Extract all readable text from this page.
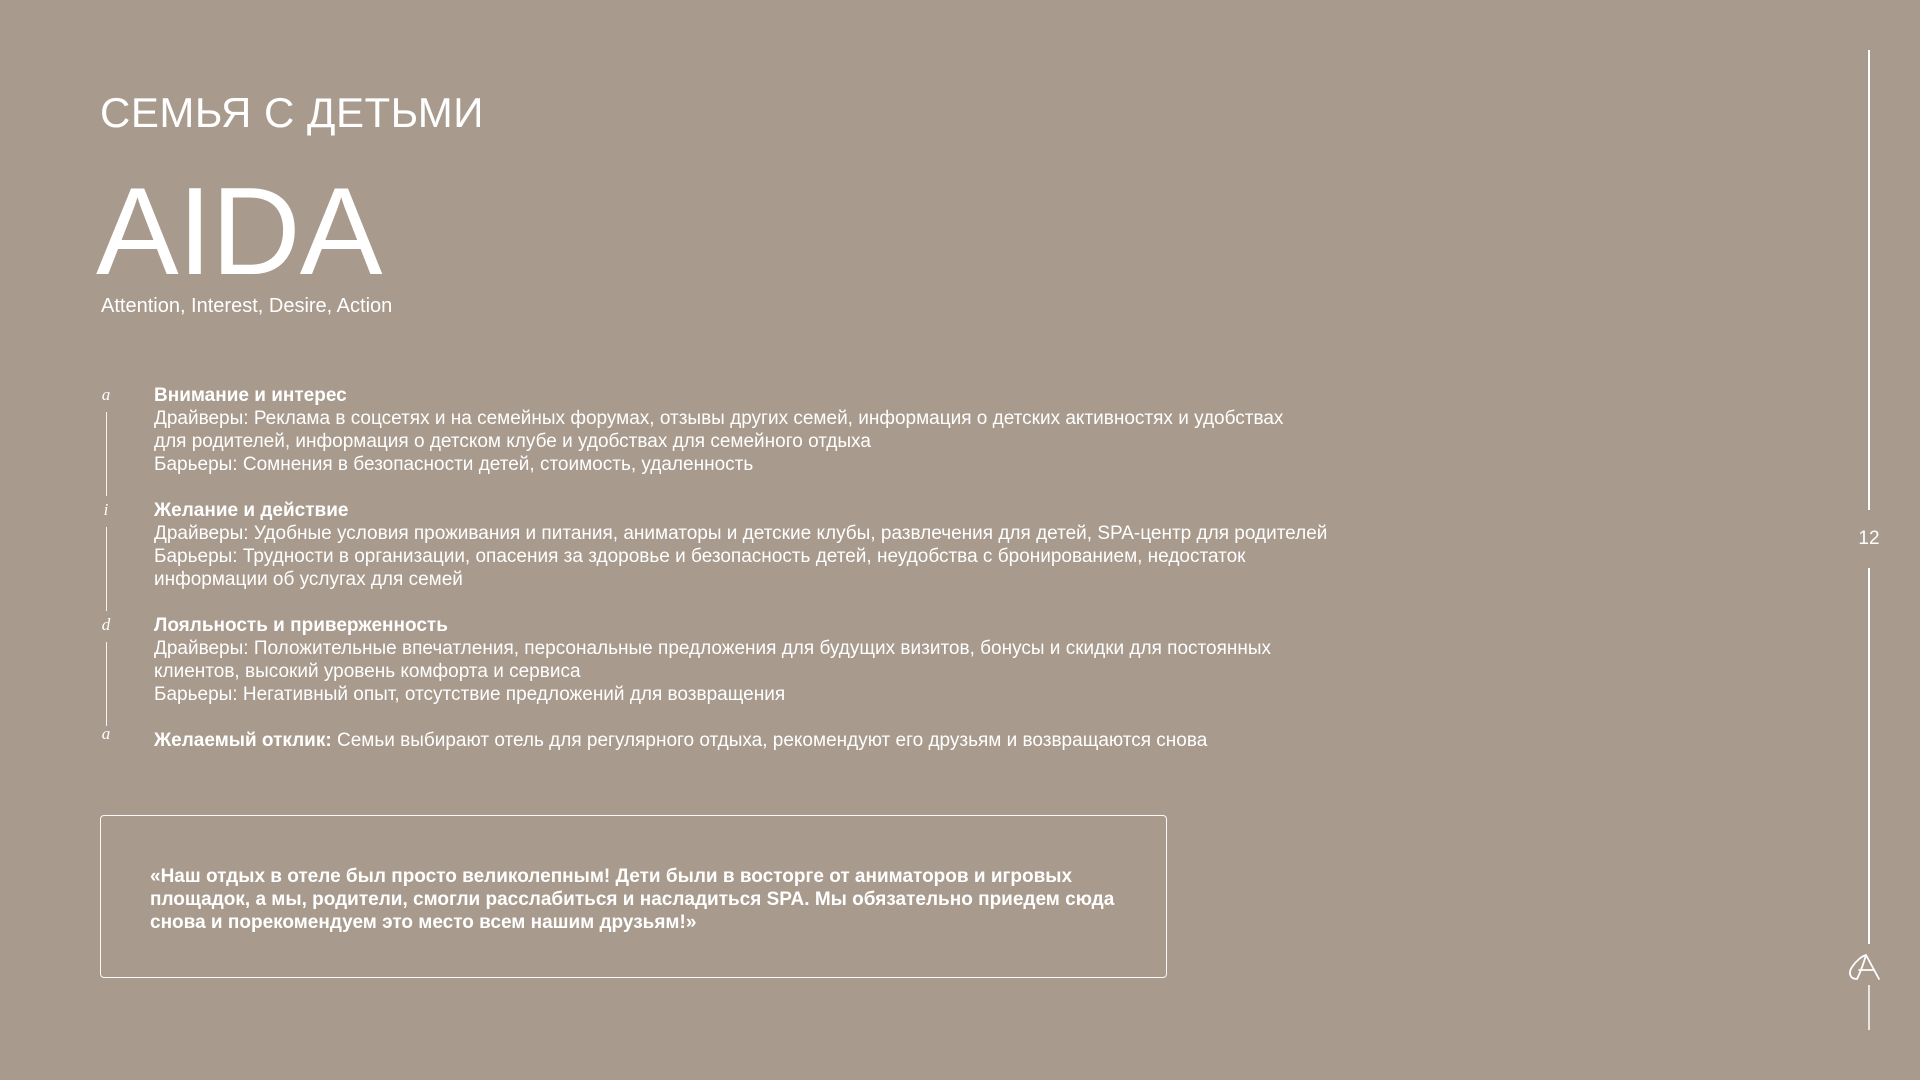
СЕМЬЯ С ДЕТЬМИ
AIDA
Attention, Interest, Desire, Action
a Внимание и интерес
Драйверы: Реклама в соцсетях и на семейных форумах, отзывы других семей, информация о детских активностях и удобствах
для родителей, информация о детском клубе и удобствах для семейного отдыха
Барьеры: Сомнения в безопасности детей, стоимость, удаленность
i Желание и действие
Драйверы: Удобные условия проживания и питания, аниматоры и детские клубы, развлечения для детей, SPA-центр для родителей
Барьеры: Трудности в организации, опасения за здоровье и безопасность детей, неудобства с бронированием, недостаток
информации об услугах для семей
d Лояльность и приверженность
Драйверы: Положительные впечатления, персональные предложения для будущих визитов, бонусы и скидки для постоянных
клиентов, высокий уровень комфорта и сервиса
Барьеры: Негативный опыт, отсутствие предложений для возвращения
a Желаемый отклик: Семьи выбирают отель для регулярного отдыха, рекомендуют его друзьям и возвращаются снова
«Наш отдых в отеле был просто великолепным! Дети были в восторге от аниматоров и игровых площадок, а мы, родители, смогли расслабиться и насладиться SPA. Мы обязательно приедем сюда снова и порекомендуем это место всем нашим друзьям!»
12
